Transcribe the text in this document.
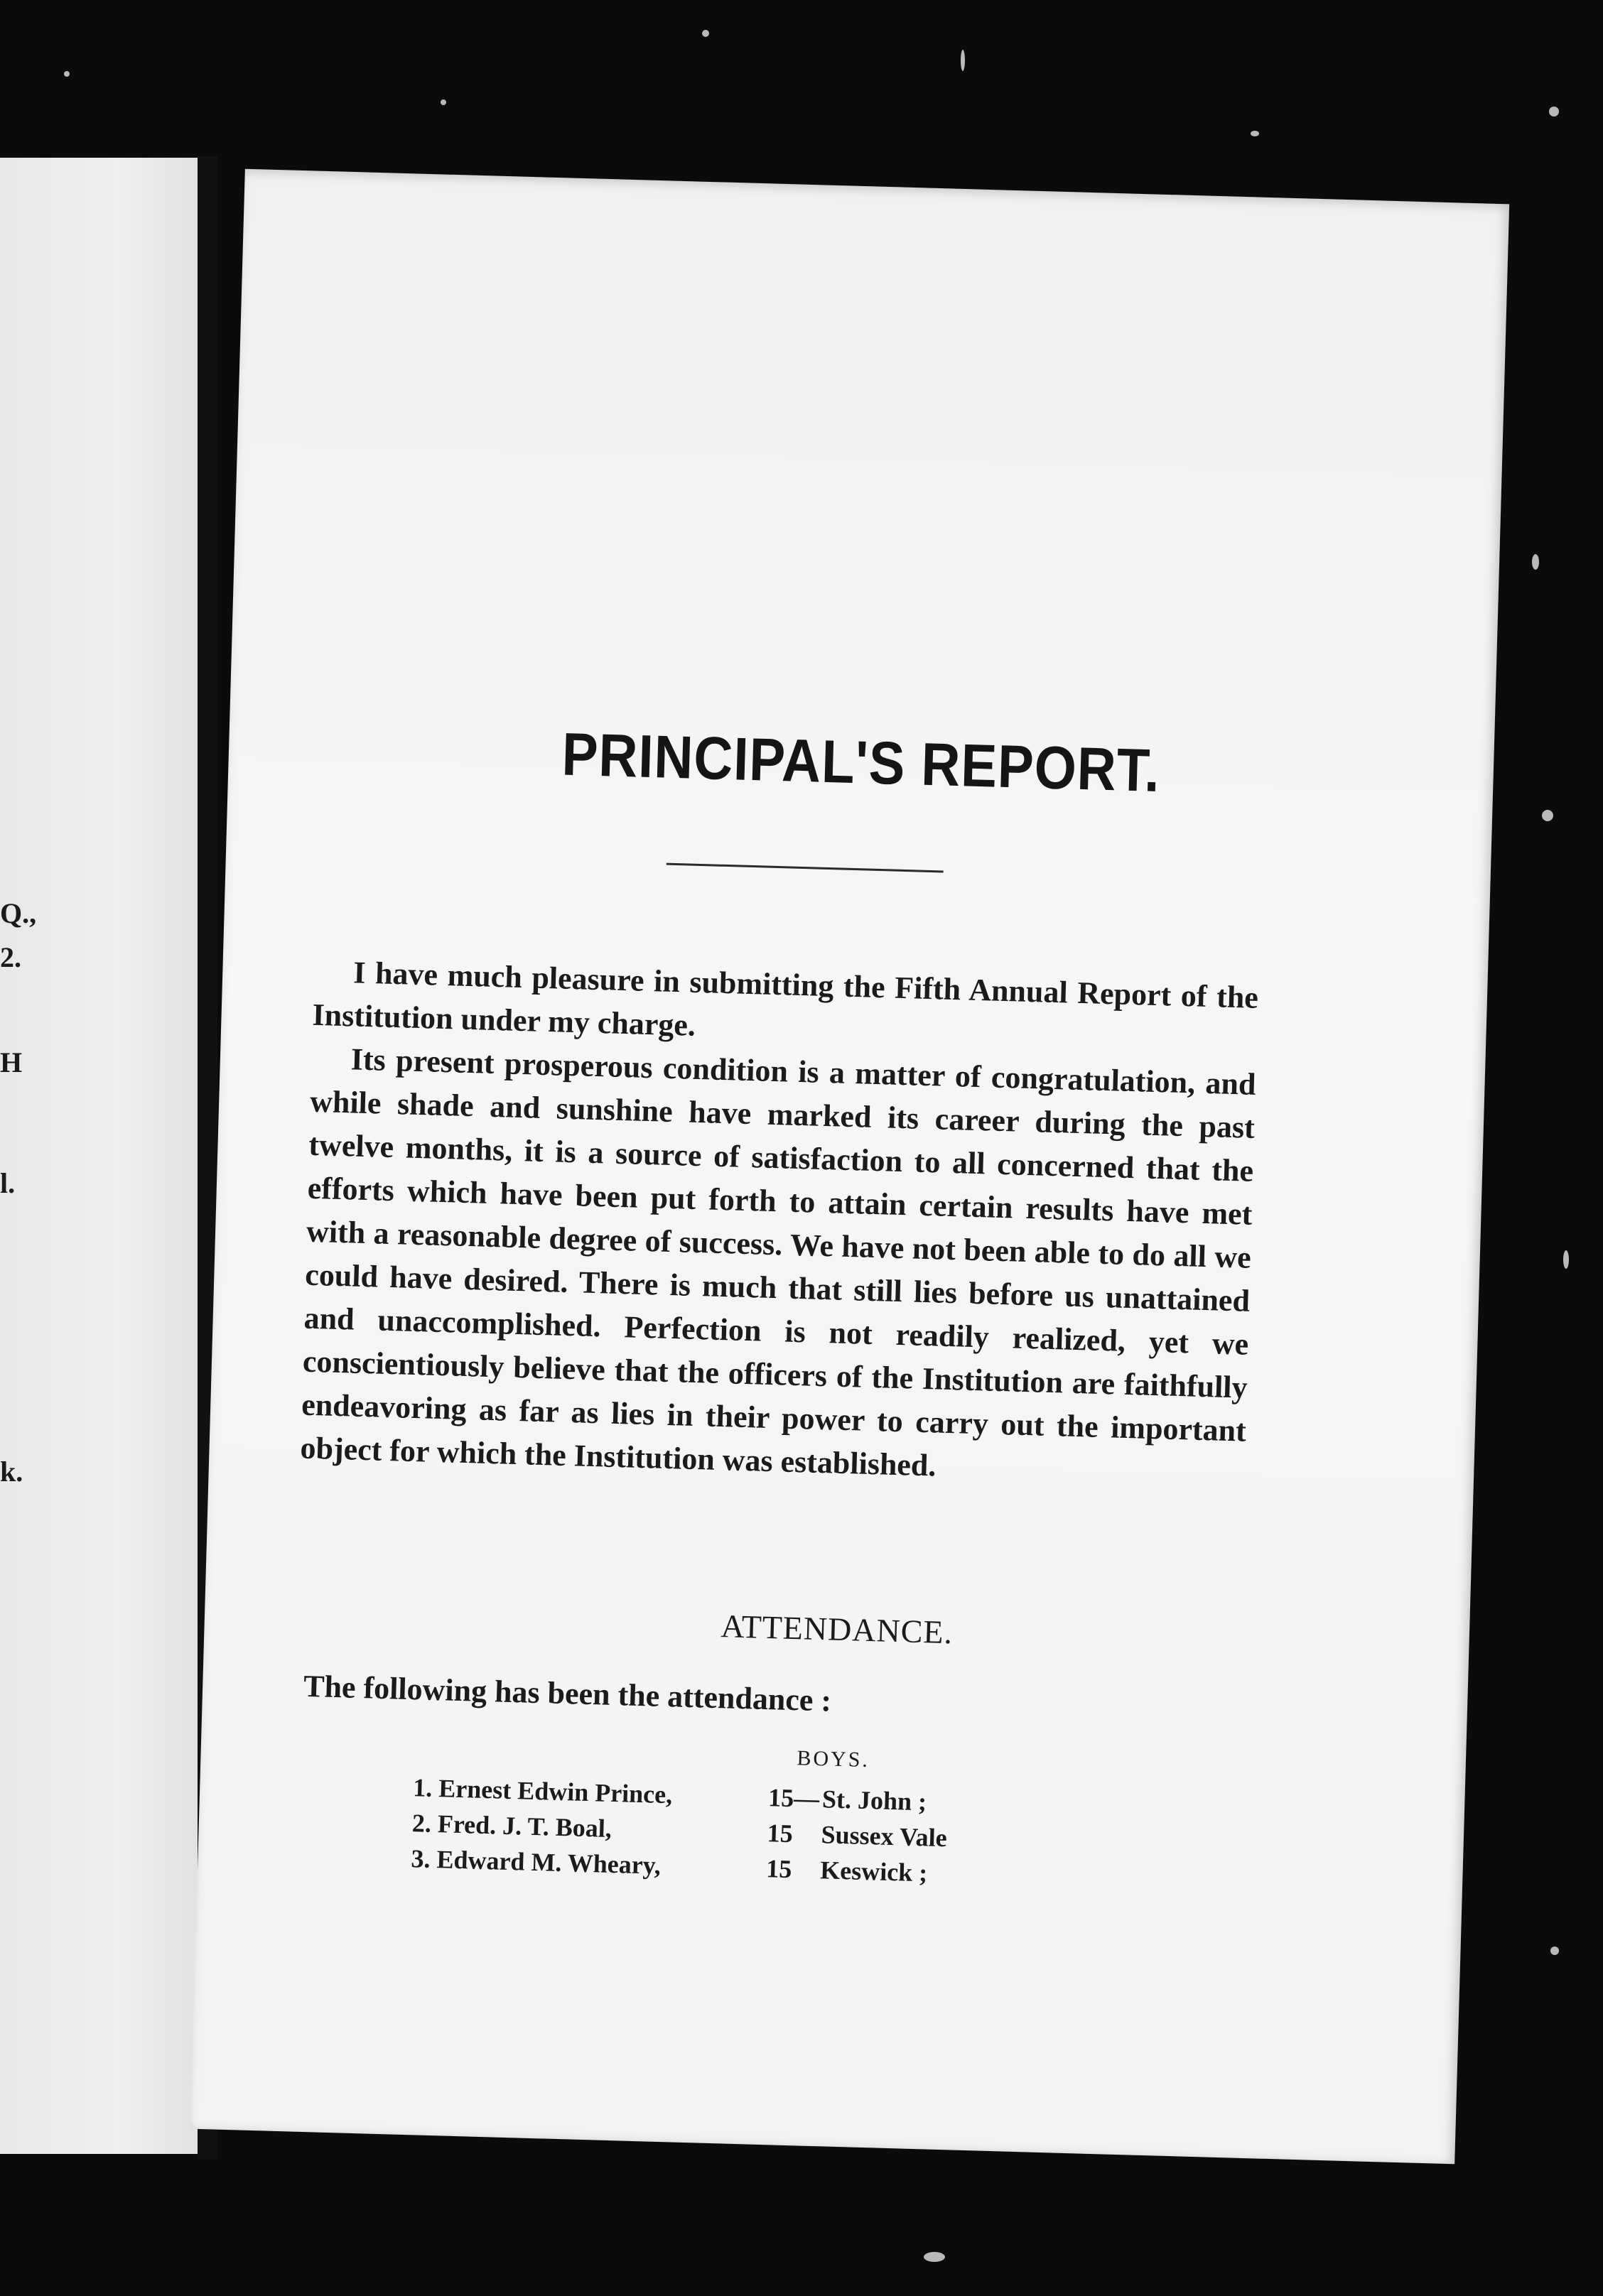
Q.,
2.
H
l.
k.
PRINCIPAL'S REPORT.

I have much pleasure in submitting the Fifth Annual Report of the Institution under my charge.

Its present prosperous condition is a matter of congratulation, and while shade and sunshine have marked its career during the past twelve months, it is a source of satisfaction to all concerned that the efforts which have been put forth to attain certain results have met with a reasonable degree of success. We have not been able to do all we could have desired. There is much that still lies before us unattained and unaccomplished. Perfection is not readily realized, yet we conscientiously believe that the officers of the Institution are faithfully endeavoring as far as lies in their power to carry out the important object for which the Institution was established.

ATTENDANCE.
The following has been the attendance :
BOYS.
1. Ernest Edwin Prince,	15— St. John ;
2. Fred. J. T. Boal,	15	Sussex Vale
3. Edward M. Wheary,	15	Keswick ;
